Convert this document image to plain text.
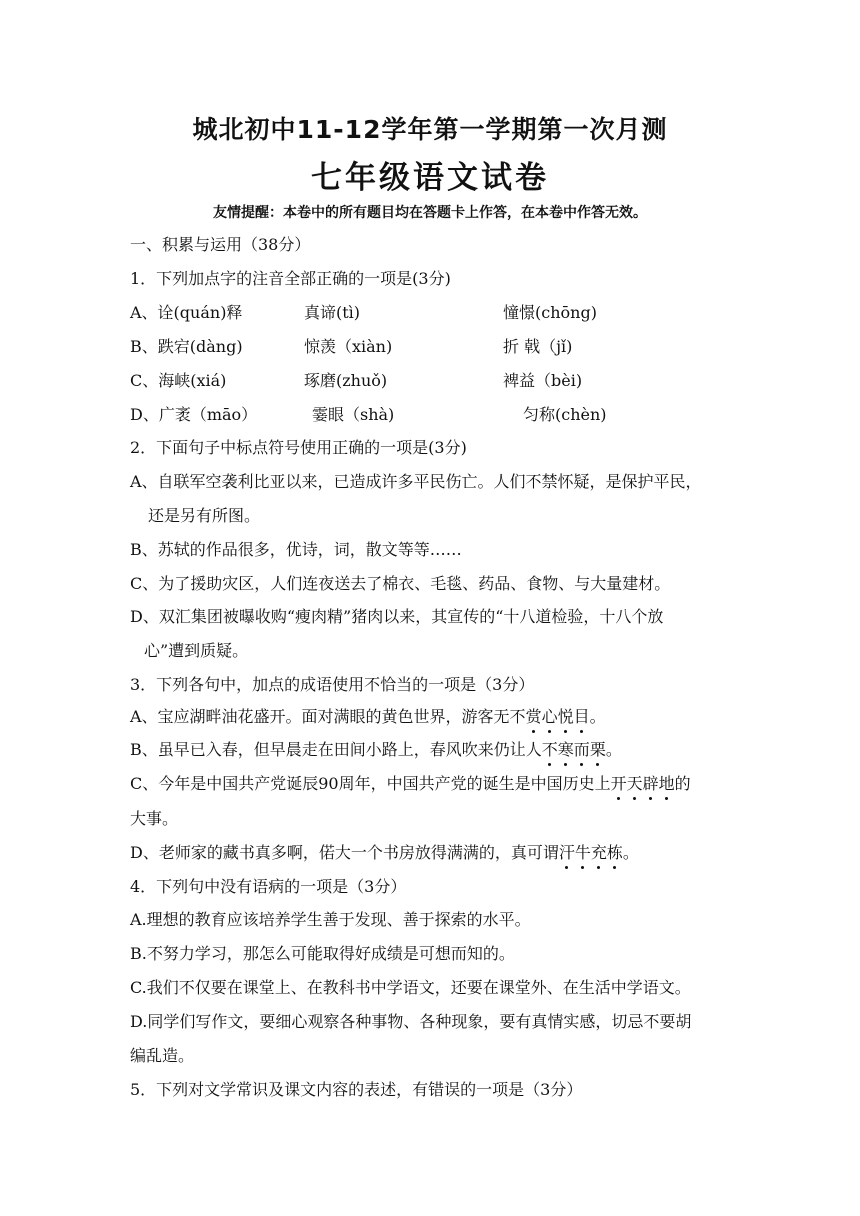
城北初中11-12学年第一学期第一次月测
七年级语文试卷
友情提醒：本卷中的所有题目均在答题卡上作答，在本卷中作答无效。
一、积累与运用（38分）
1．下列加点字的注音全部正确的一项是(3分)
A、诠(quán)释	真谛(tì)	憧憬(chōng)
B、跌宕(dàng)	惊羡（xiàn)	折 戟（jǐ)
C、海峡(xiá)	琢磨(zhuǒ)	裨益（bèi)
D、广袤（māo）	霎眼（shà)	匀称(chèn)
2．下面句子中标点符号使用正确的一项是(3分)
A、自联军空袭利比亚以来，已造成许多平民伤亡。人们不禁怀疑，是保护平民，
还是另有所图。
B、苏轼的作品很多，优诗，词，散文等等……
C、为了援助灾区，人们连夜送去了棉衣、毛毯、药品、食物、与大量建材。
D、双汇集团被曝收购“瘦肉精”猪肉以来，其宣传的“十八道检验，十八个放
心”遭到质疑。
3．下列各句中，加点的成语使用不恰当的一项是（3分）
A、宝应湖畔油花盛开。面对满眼的黄色世界，游客无不赏心悦目。
B、虽早已入春，但早晨走在田间小路上，春风吹来仍让人不寒而栗。
C、今年是中国共产党诞辰90周年，中国共产党的诞生是中国历史上开天辟地的
大事。
D、老师家的藏书真多啊，偌大一个书房放得满满的，真可谓汗牛充栋。
4．下列句中没有语病的一项是（3分）
A.理想的教育应该培养学生善于发现、善于探索的水平。
B.不努力学习，那怎么可能取得好成绩是可想而知的。
C.我们不仅要在课堂上、在教科书中学语文，还要在课堂外、在生活中学语文。
D.同学们写作文，要细心观察各种事物、各种现象，要有真情实感，切忌不要胡
编乱造。
5．下列对文学常识及课文内容的表述，有错误的一项是（3分）
